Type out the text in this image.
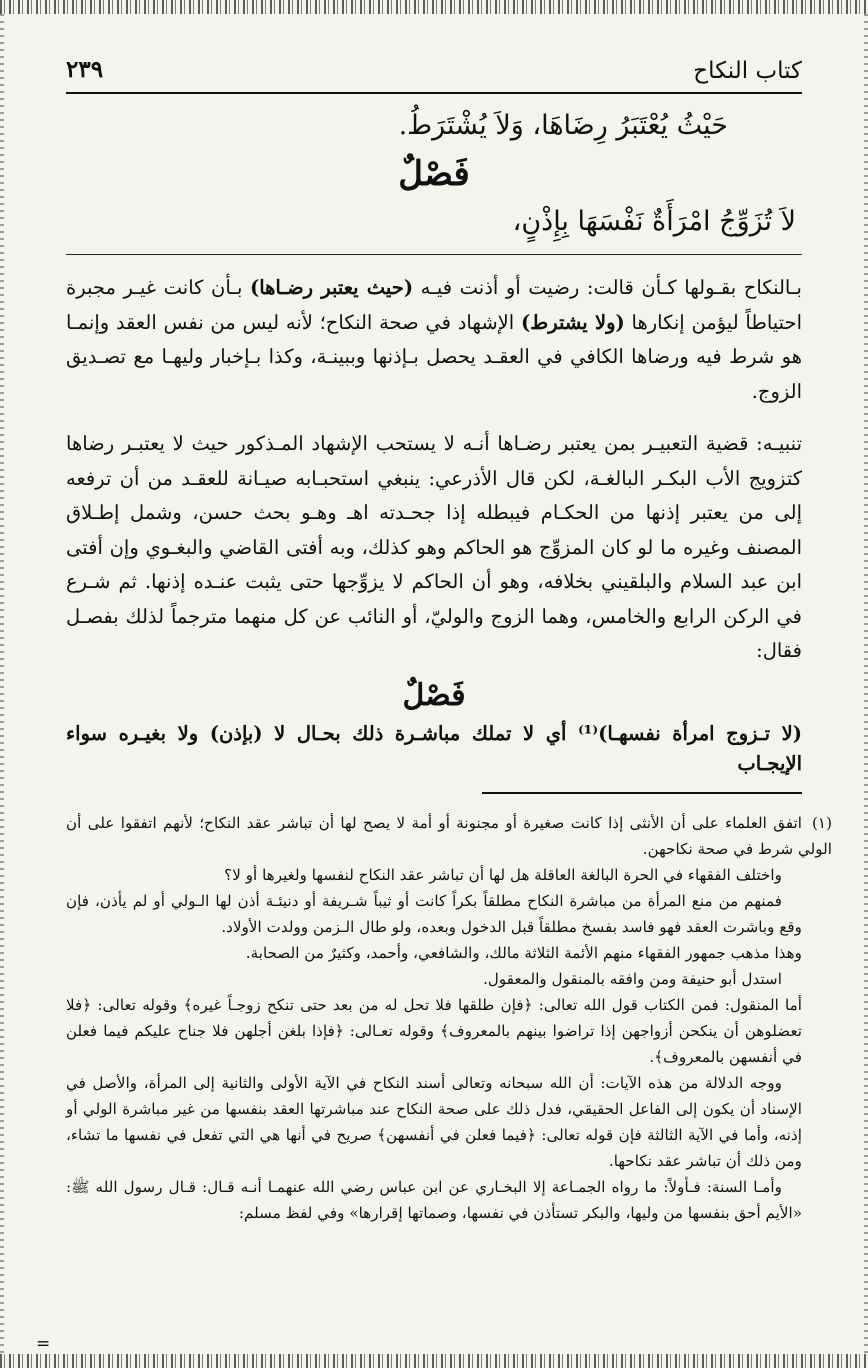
كتاب النكاح
٢٣٩

حَيْثُ يُعْتَبَرُ رِضَاهَا، وَلاَ يُشْتَرَطُ.

فَصْلٌ

لاَ تُزَوِّجُ امْرَأَةٌ نَفْسَهَا بِإِذْنٍ،

بـالنكاح بقـولها كـأن قالت: رضيت أو أذنت فيـه (حيث يعتبر رضـاها) بـأن كانت غيـر مجبرة احتياطاً ليؤمن إنكارها (ولا يشترط) الإشهاد في صحة النكاح؛ لأنه ليس من نفس العقد وإنمـا هو شرط فيه ورضاها الكافي في العقـد يحصل بـإذنها وببينـة، وكذا بـإخبار وليهـا مع تصـديق الزوج.

تنبيـه: قضية التعبيـر بمن يعتبر رضـاها أنـه لا يستحب الإشهاد المـذكور حيث لا يعتبـر رضاها كتزويج الأب البكـر البالغـة، لكن قال الأذرعي: ينبغي استحبـابه صيـانة للعقـد من أن ترفعه إلى من يعتبر إذنها من الحكـام فيبطله إذا جحـدته اهـ وهـو بحث حسن، وشمل إطـلاق المصنف وغيره ما لو كان المزوِّج هو الحاكم وهو كذلك، وبه أفتى القاضي والبغـوي وإن أفتى ابن عبد السلام والبلقيني بخلافه، وهو أن الحاكم لا يزوِّجها حتى يثبت عنـده إذنها. ثم شـرع في الركن الرابع والخامس، وهما الزوج والوليّ، أو النائب عن كل منهما مترجماً لذلك بفصـل فقال:

فَصْلٌ

(لا تـزوج امرأة نفسهـا)⁽¹⁾ أي لا تملك مباشـرة ذلك بحـال لا (بإذن) ولا بغيـره سواء الإيجـاب

(١)اتفق العلماء على أن الأنثى إذا كانت صغيرة أو مجنونة أو أمة لا يصح لها أن تباشر عقد النكاح؛ لأنهم اتفقوا على أن الولي شرط في صحة نكاحهن.

واختلف الفقهاء في الحرة البالغة العاقلة هل لها أن تباشر عقد النكاح لنفسها ولغيرها أو لا؟

فمنهم من منع المرأة من مباشرة النكاح مطلقاً بكراً كانت أو ثيباً شـريفة أو دنيئـة أذن لها الـولي أو لم يأذن، فإن وقع وباشرت العقد فهو فاسد بفسخ مطلقاً قبل الدخول وبعده، ولو طال الـزمن وولدت الأولاد.

وهذا مذهب جمهور الفقهاء منهم الأئمة الثلاثة مالك، والشافعي، وأحمد، وكثيرٌ من الصحابة.

استدل أبو حنيفة ومن وافقه بالمنقول والمعقول.

أما المنقول: فمن الكتاب قول الله تعالى: ﴿فإن طلقها فلا تحل له من بعد حتى تنكح زوجـاً غيره﴾ وقوله تعالى: ﴿فلا تعضلوهن أن ينكحن أزواجهن إذا تراضوا بينهم بالمعروف﴾ وقوله تعـالى: ﴿فإذا بلغن أجلهن فلا جناح عليكم فيما فعلن في أنفسهن بالمعروف﴾.

ووجه الدلالة من هذه الآيات: أن الله سبحانه وتعالى أسند النكاح في الآية الأولى والثانية إلى المرأة، والأصل في الإسناد أن يكون إلى الفاعل الحقيقي، فدل ذلك على صحة النكاح عند مباشرتها العقد بنفسها من غير مباشرة الولي أو إذنه، وأما في الآية الثالثة فإن قوله تعالى: ﴿فيما فعلن في أنفسهن﴾ صريح في أنها هي التي تفعل في نفسها ما تشاء، ومن ذلك أن تباشر عقد نكاحها.

وأمـا السنة: فـأولاً: ما رواه الجمـاعة إلا البخـاري عن ابن عباس رضي الله عنهمـا أنـه قـال: قـال رسول الله ﷺ: «الأيم أحق بنفسها من وليها، والبكر تستأذن في نفسها، وصماتها إقرارها» وفي لفظ مسلم:

=
